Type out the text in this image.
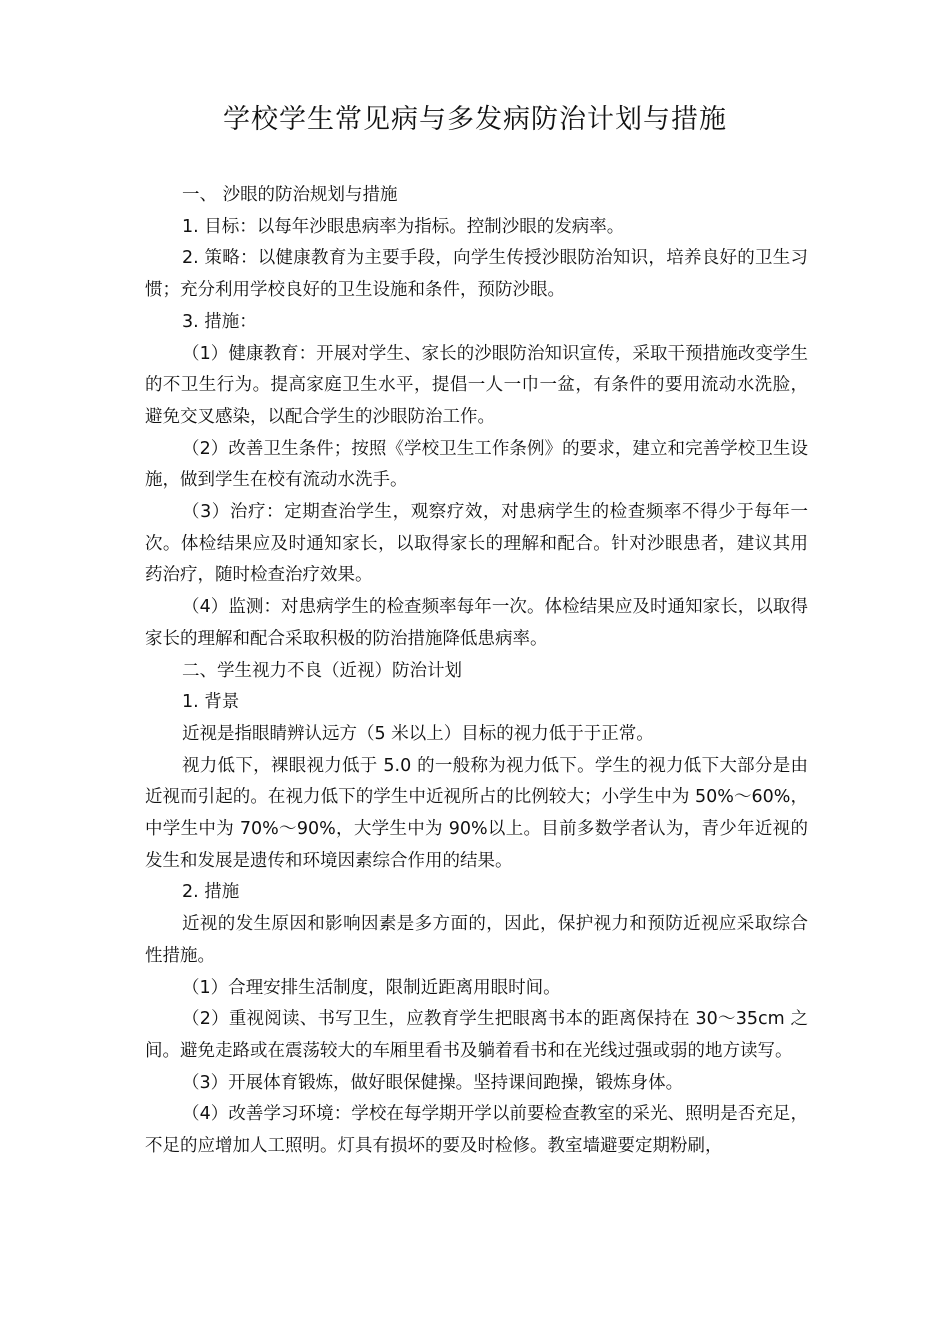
学校学生常见病与多发病防治计划与措施

一、 沙眼的防治规划与措施

1. 目标：以每年沙眼患病率为指标。控制沙眼的发病率。

2. 策略：以健康教育为主要手段，向学生传授沙眼防治知识，培养良好的卫生习惯；充分利用学校良好的卫生设施和条件，预防沙眼。

3. 措施：

（1）健康教育：开展对学生、家长的沙眼防治知识宣传，采取干预措施改变学生的不卫生行为。提高家庭卫生水平，提倡一人一巾一盆，有条件的要用流动水洗脸，避免交叉感染，以配合学生的沙眼防治工作。

（2）改善卫生条件；按照《学校卫生工作条例》的要求，建立和完善学校卫生设施，做到学生在校有流动水洗手。

（3）治疗：定期查治学生，观察疗效，对患病学生的检查频率不得少于每年一次。体检结果应及时通知家长，以取得家长的理解和配合。针对沙眼患者，建议其用药治疗，随时检查治疗效果。

（4）监测：对患病学生的检查频率每年一次。体检结果应及时通知家长，以取得家长的理解和配合采取积极的防治措施降低患病率。

二、学生视力不良（近视）防治计划

1. 背景

近视是指眼睛辨认远方（5 米以上）目标的视力低于于正常。

视力低下，裸眼视力低于 5.0 的一般称为视力低下。学生的视力低下大部分是由近视而引起的。在视力低下的学生中近视所占的比例较大；小学生中为 50%～60%，中学生中为 70%～90%，大学生中为 90%以上。目前多数学者认为，青少年近视的发生和发展是遗传和环境因素综合作用的结果。

2. 措施

近视的发生原因和影响因素是多方面的，因此，保护视力和预防近视应采取综合性措施。

（1）合理安排生活制度，限制近距离用眼时间。

（2）重视阅读、书写卫生，应教育学生把眼离书本的距离保持在 30～35cm 之间。避免走路或在震荡较大的车厢里看书及躺着看书和在光线过强或弱的地方读写。

（3）开展体育锻炼，做好眼保健操。坚持课间跑操，锻炼身体。

（4）改善学习环境：学校在每学期开学以前要检查教室的采光、照明是否充足，不足的应增加人工照明。灯具有损坏的要及时检修。教室墙避要定期粉刷，
